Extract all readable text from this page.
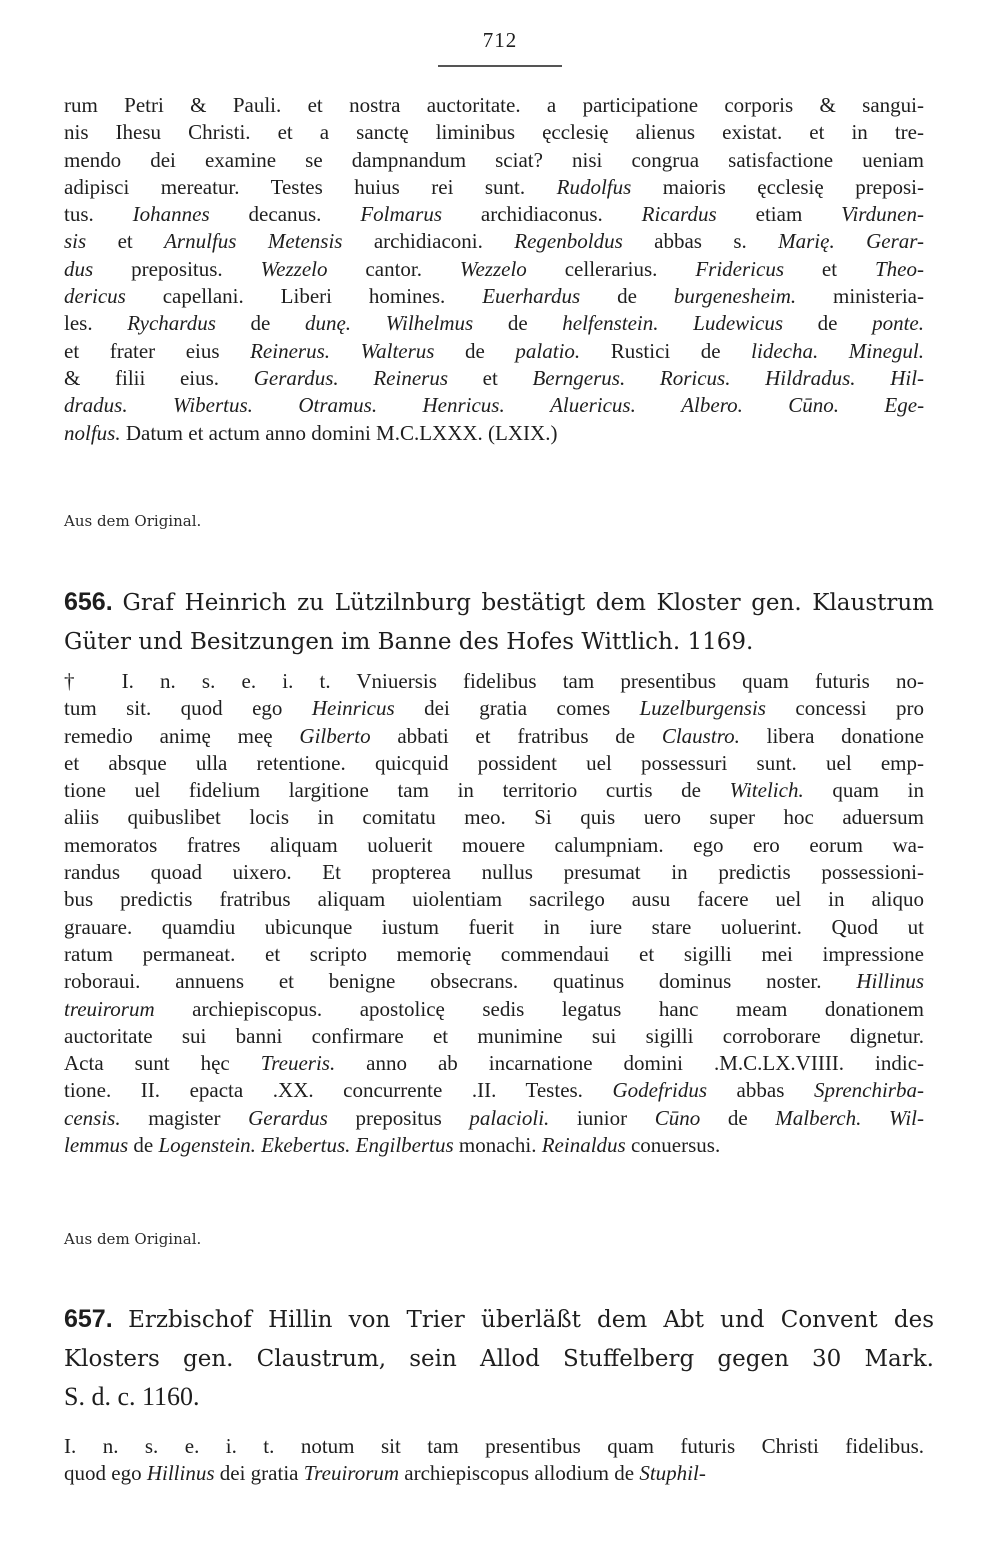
712
rum Petri & Pauli. et nostra auctoritate. a participatione corporis & sangui-
nis Ihesu Christi. et a sanctę liminibus ęcclesię alienus existat. et in tre-
mendo dei examine se dampnandum sciat? nisi congrua satisfactione ueniam
adipisci mereatur. Testes huius rei sunt. Rudolfus maioris ęcclesię preposi-
tus. Iohannes decanus. Folmarus archidiaconus. Ricardus etiam Virdunen-
sis et Arnulfus Metensis archidiaconi. Regenboldus abbas s. Marię. Gerar-
dus prepositus. Wezzelo cantor. Wezzelo cellerarius. Fridericus et Theo-
dericus capellani. Liberi homines. Euerhardus de burgenesheim. ministeria-
les. Rychardus de dunę. Wilhelmus de helfenstein. Ludewicus de ponte.
et frater eius Reinerus. Walterus de palatio. Rustici de lidecha. Minegul.
& filii eius. Gerardus. Reinerus et Berngerus. Roricus. Hildradus. Hil-
dradus. Wibertus. Otramus. Henricus. Aluericus. Albero. Cūno. Ege-
nolfus. Datum et actum anno domini M.C.LXXX. (LXIX.)
Aus dem Original.
656. Graf Heinrich zu Lützilnburg bestätigt dem Kloster gen. Klaustrum
Güter und Besitzungen im Banne des Hofes Wittlich. 1169.
† I. n. s. e. i. t. Vniuersis fidelibus tam presentibus quam futuris no-
tum sit. quod ego Heinricus dei gratia comes Luzelburgensis concessi pro
remedio animę meę Gilberto abbati et fratribus de Claustro. libera donatione
et absque ulla retentione. quicquid possident uel possessuri sunt. uel emp-
tione uel fidelium largitione tam in territorio curtis de Witelich. quam in
aliis quibuslibet locis in comitatu meo. Si quis uero super hoc aduersum
memoratos fratres aliquam uoluerit mouere calumpniam. ego ero eorum wa-
randus quoad uixero. Et propterea nullus presumat in predictis possessioni-
bus predictis fratribus aliquam uiolentiam sacrilego ausu facere uel in aliquo
grauare. quamdiu ubicunque iustum fuerit in iure stare uoluerint. Quod ut
ratum permaneat. et scripto memorię commendaui et sigilli mei impressione
roboraui. annuens et benigne obsecrans. quatinus dominus noster. Hillinus
treuirorum archiepiscopus. apostolicę sedis legatus hanc meam donationem
auctoritate sui banni confirmare et munimine sui sigilli corroborare dignetur.
Acta sunt hęc Treueris. anno ab incarnatione domini .M.C.LX.VIIII. indic-
tione. II. epacta .XX. concurrente .II. Testes. Godefridus abbas Sprenchirba-
censis. magister Gerardus prepositus palacioli. iunior Cūno de Malberch. Wil-
lemmus de Logenstein. Ekebertus. Engilbertus monachi. Reinaldus conuersus.
Aus dem Original.
657. Erzbischof Hillin von Trier überläßt dem Abt und Convent des
Klosters gen. Claustrum, sein Allod Stuffelberg gegen 30 Mark.
S. d. c. 1160.
I. n. s. e. i. t. notum sit tam presentibus quam futuris Christi fidelibus.
quod ego Hillinus dei gratia Treuirorum archiepiscopus allodium de Stuphil-
